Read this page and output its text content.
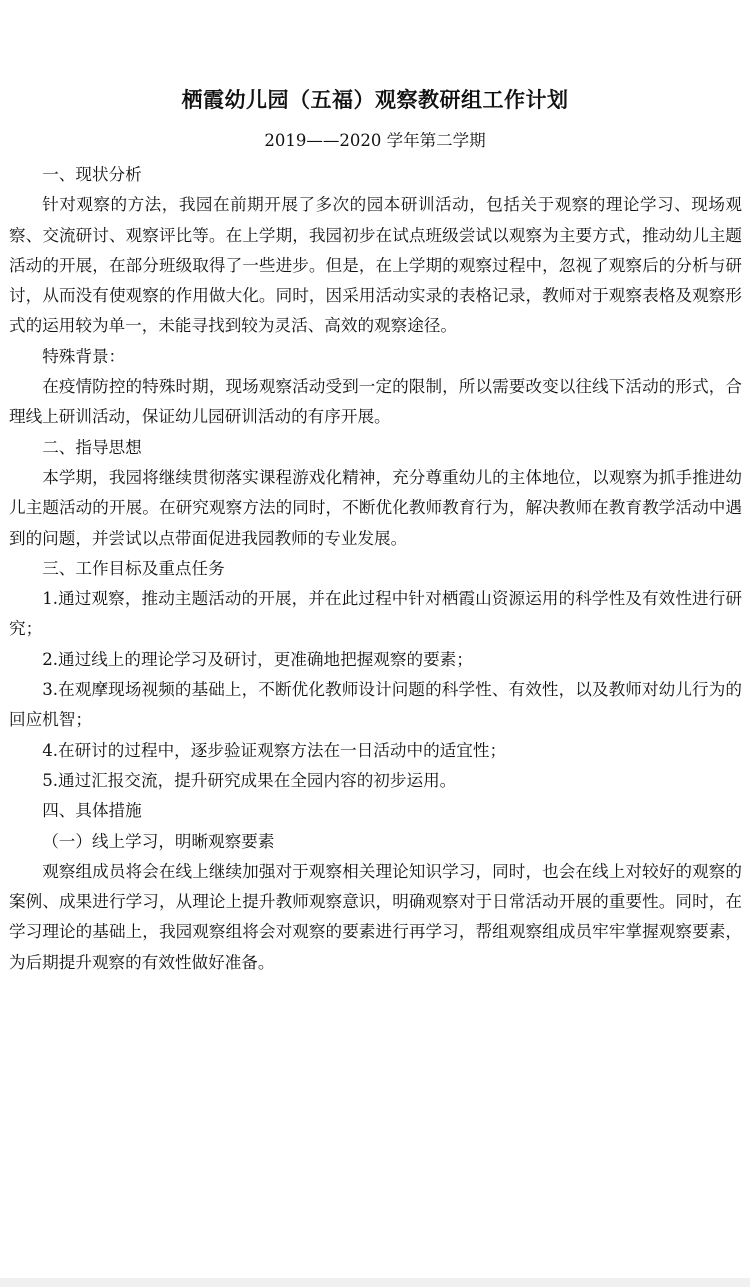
栖霞幼儿园（五福）观察教研组工作计划
2019——2020 学年第二学期

一、现状分析

针对观察的方法，我园在前期开展了多次的园本研训活动，包括关于观察的理论学习、现场观察、交流研讨、观察评比等。在上学期，我园初步在试点班级尝试以观察为主要方式，推动幼儿主题活动的开展，在部分班级取得了一些进步。但是，在上学期的观察过程中，忽视了观察后的分析与研讨，从而没有使观察的作用做大化。同时，因采用活动实录的表格记录，教师对于观察表格及观察形式的运用较为单一，未能寻找到较为灵活、高效的观察途径。

特殊背景：

在疫情防控的特殊时期，现场观察活动受到一定的限制，所以需要改变以往线下活动的形式，合理线上研训活动，保证幼儿园研训活动的有序开展。

二、指导思想

本学期，我园将继续贯彻落实课程游戏化精神，充分尊重幼儿的主体地位，以观察为抓手推进幼儿主题活动的开展。在研究观察方法的同时，不断优化教师教育行为，解决教师在教育教学活动中遇到的问题，并尝试以点带面促进我园教师的专业发展。

三、工作目标及重点任务

1.通过观察，推动主题活动的开展，并在此过程中针对栖霞山资源运用的科学性及有效性进行研究；

2.通过线上的理论学习及研讨，更准确地把握观察的要素；

3.在观摩现场视频的基础上，不断优化教师设计问题的科学性、有效性，以及教师对幼儿行为的回应机智；

4.在研讨的过程中，逐步验证观察方法在一日活动中的适宜性；

5.通过汇报交流，提升研究成果在全园内容的初步运用。

四、具体措施

（一）线上学习，明晰观察要素

观察组成员将会在线上继续加强对于观察相关理论知识学习，同时，也会在线上对较好的观察的案例、成果进行学习，从理论上提升教师观察意识，明确观察对于日常活动开展的重要性。同时，在学习理论的基础上，我园观察组将会对观察的要素进行再学习，帮组观察组成员牢牢掌握观察要素，为后期提升观察的有效性做好准备。
